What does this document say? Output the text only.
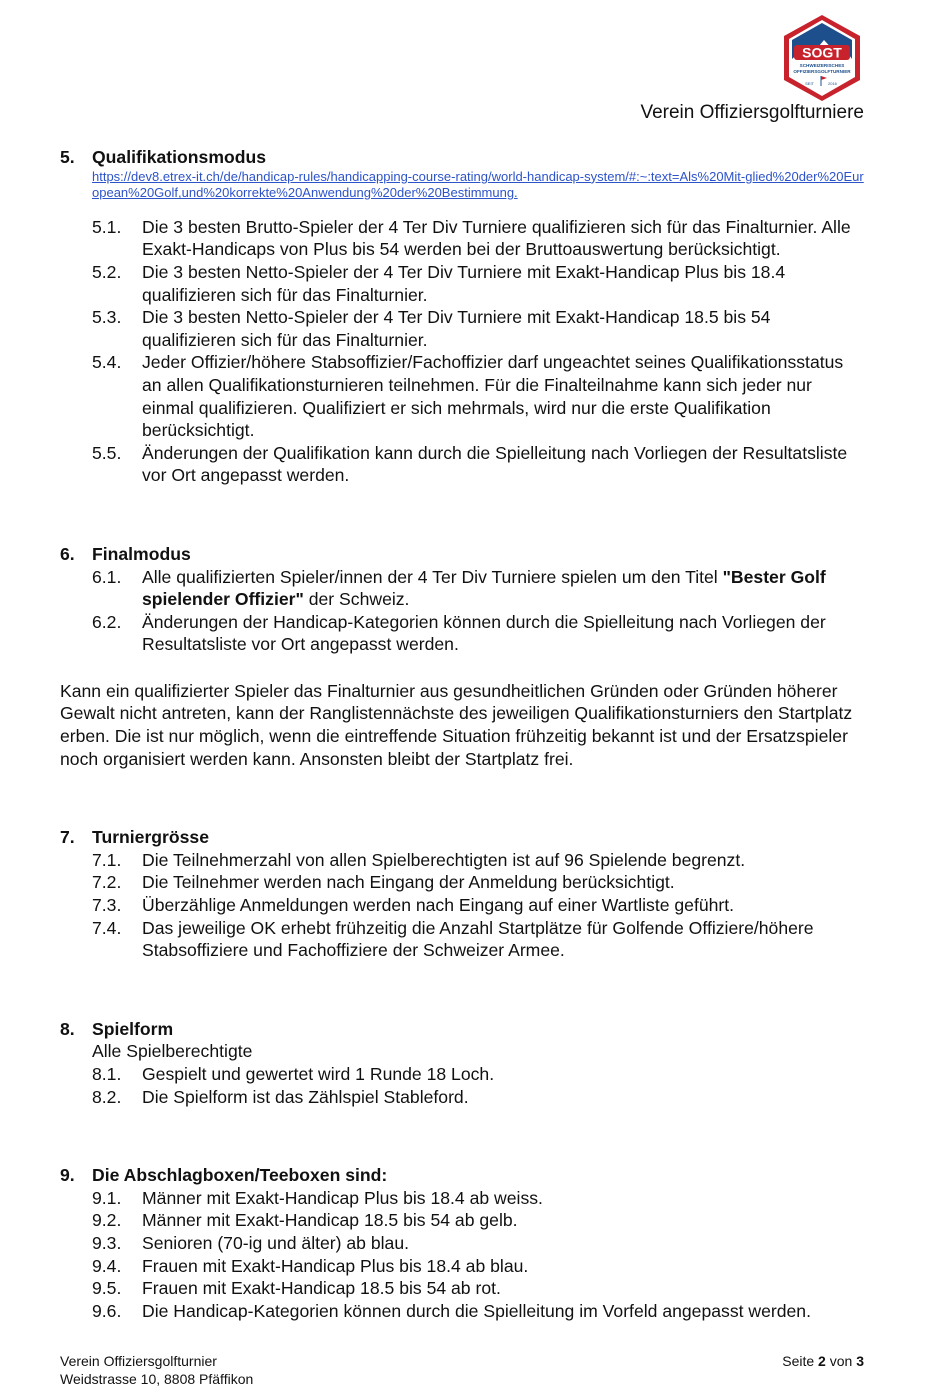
SOGT
SCHWEIZERISCHES
OFFIZIERSGOLFTURNIER
SEIT	2016
Verein Offiziersgolfturniere
5. Qualifikationsmodus
https://dev8.etrex-it.ch/de/handicap-rules/handicapping-course-rating/world-handicap-system/#:~:text=Als%20Mit-glied%20der%20European%20Golf,und%20korrekte%20Anwendung%20der%20Bestimmung.
5.1.	Die 3 besten Brutto-Spieler der 4 Ter Div Turniere qualifizieren sich für das Finalturnier. Alle Exakt-Handicaps von Plus bis 54 werden bei der Bruttoauswertung berücksichtigt.
5.2.	Die 3 besten Netto-Spieler der 4 Ter Div Turniere mit Exakt-Handicap Plus bis 18.4 qualifizieren sich für das Finalturnier.
5.3.	Die 3 besten Netto-Spieler der 4 Ter Div Turniere mit Exakt-Handicap 18.5 bis 54 qualifizieren sich für das Finalturnier.
5.4.	Jeder Offizier/höhere Stabsoffizier/Fachoffizier darf ungeachtet seines Qualifikationsstatus an allen Qualifikationsturnieren teilnehmen. Für die Finalteilnahme kann sich jeder nur einmal qualifizieren. Qualifiziert er sich mehrmals, wird nur die erste Qualifikation berücksichtigt.
5.5.	Änderungen der Qualifikation kann durch die Spielleitung nach Vorliegen der Resultatsliste vor Ort angepasst werden.
6. Finalmodus
6.1.	Alle qualifizierten Spieler/innen der 4 Ter Div Turniere spielen um den Titel "Bester Golf spielender Offizier" der Schweiz.
6.2.	Änderungen der Handicap-Kategorien können durch die Spielleitung nach Vorliegen der Resultatsliste vor Ort angepasst werden.
Kann ein qualifizierter Spieler das Finalturnier aus gesundheitlichen Gründen oder Gründen höherer Gewalt nicht antreten, kann der Ranglistennächste des jeweiligen Qualifikationsturniers den Startplatz erben. Die ist nur möglich, wenn die eintreffende Situation frühzeitig bekannt ist und der Ersatzspieler noch organisiert werden kann. Ansonsten bleibt der Startplatz frei.
7. Turniergrösse
7.1.	Die Teilnehmerzahl von allen Spielberechtigten ist auf 96 Spielende begrenzt.
7.2.	Die Teilnehmer werden nach Eingang der Anmeldung berücksichtigt.
7.3.	Überzählige Anmeldungen werden nach Eingang auf einer Wartliste geführt.
7.4.	Das jeweilige OK erhebt frühzeitig die Anzahl Startplätze für Golfende Offiziere/höhere Stabsoffiziere und Fachoffiziere der Schweizer Armee.
8. Spielform
Alle Spielberechtigte
8.1.	Gespielt und gewertet wird 1 Runde 18 Loch.
8.2.	Die Spielform ist das Zählspiel Stableford.
9. Die Abschlagboxen/Teeboxen sind:
9.1.	Männer mit Exakt-Handicap Plus bis 18.4 ab weiss.
9.2.	Männer mit Exakt-Handicap 18.5 bis 54 ab gelb.
9.3.	Senioren (70-ig und älter) ab blau.
9.4.	Frauen mit Exakt-Handicap Plus bis 18.4 ab blau.
9.5.	Frauen mit Exakt-Handicap 18.5 bis 54 ab rot.
9.6.	Die Handicap-Kategorien können durch die Spielleitung im Vorfeld angepasst werden.
Verein Offiziersgolfturnier
Weidstrasse 10, 8808 Pfäffikon
Seite 2 von 3
